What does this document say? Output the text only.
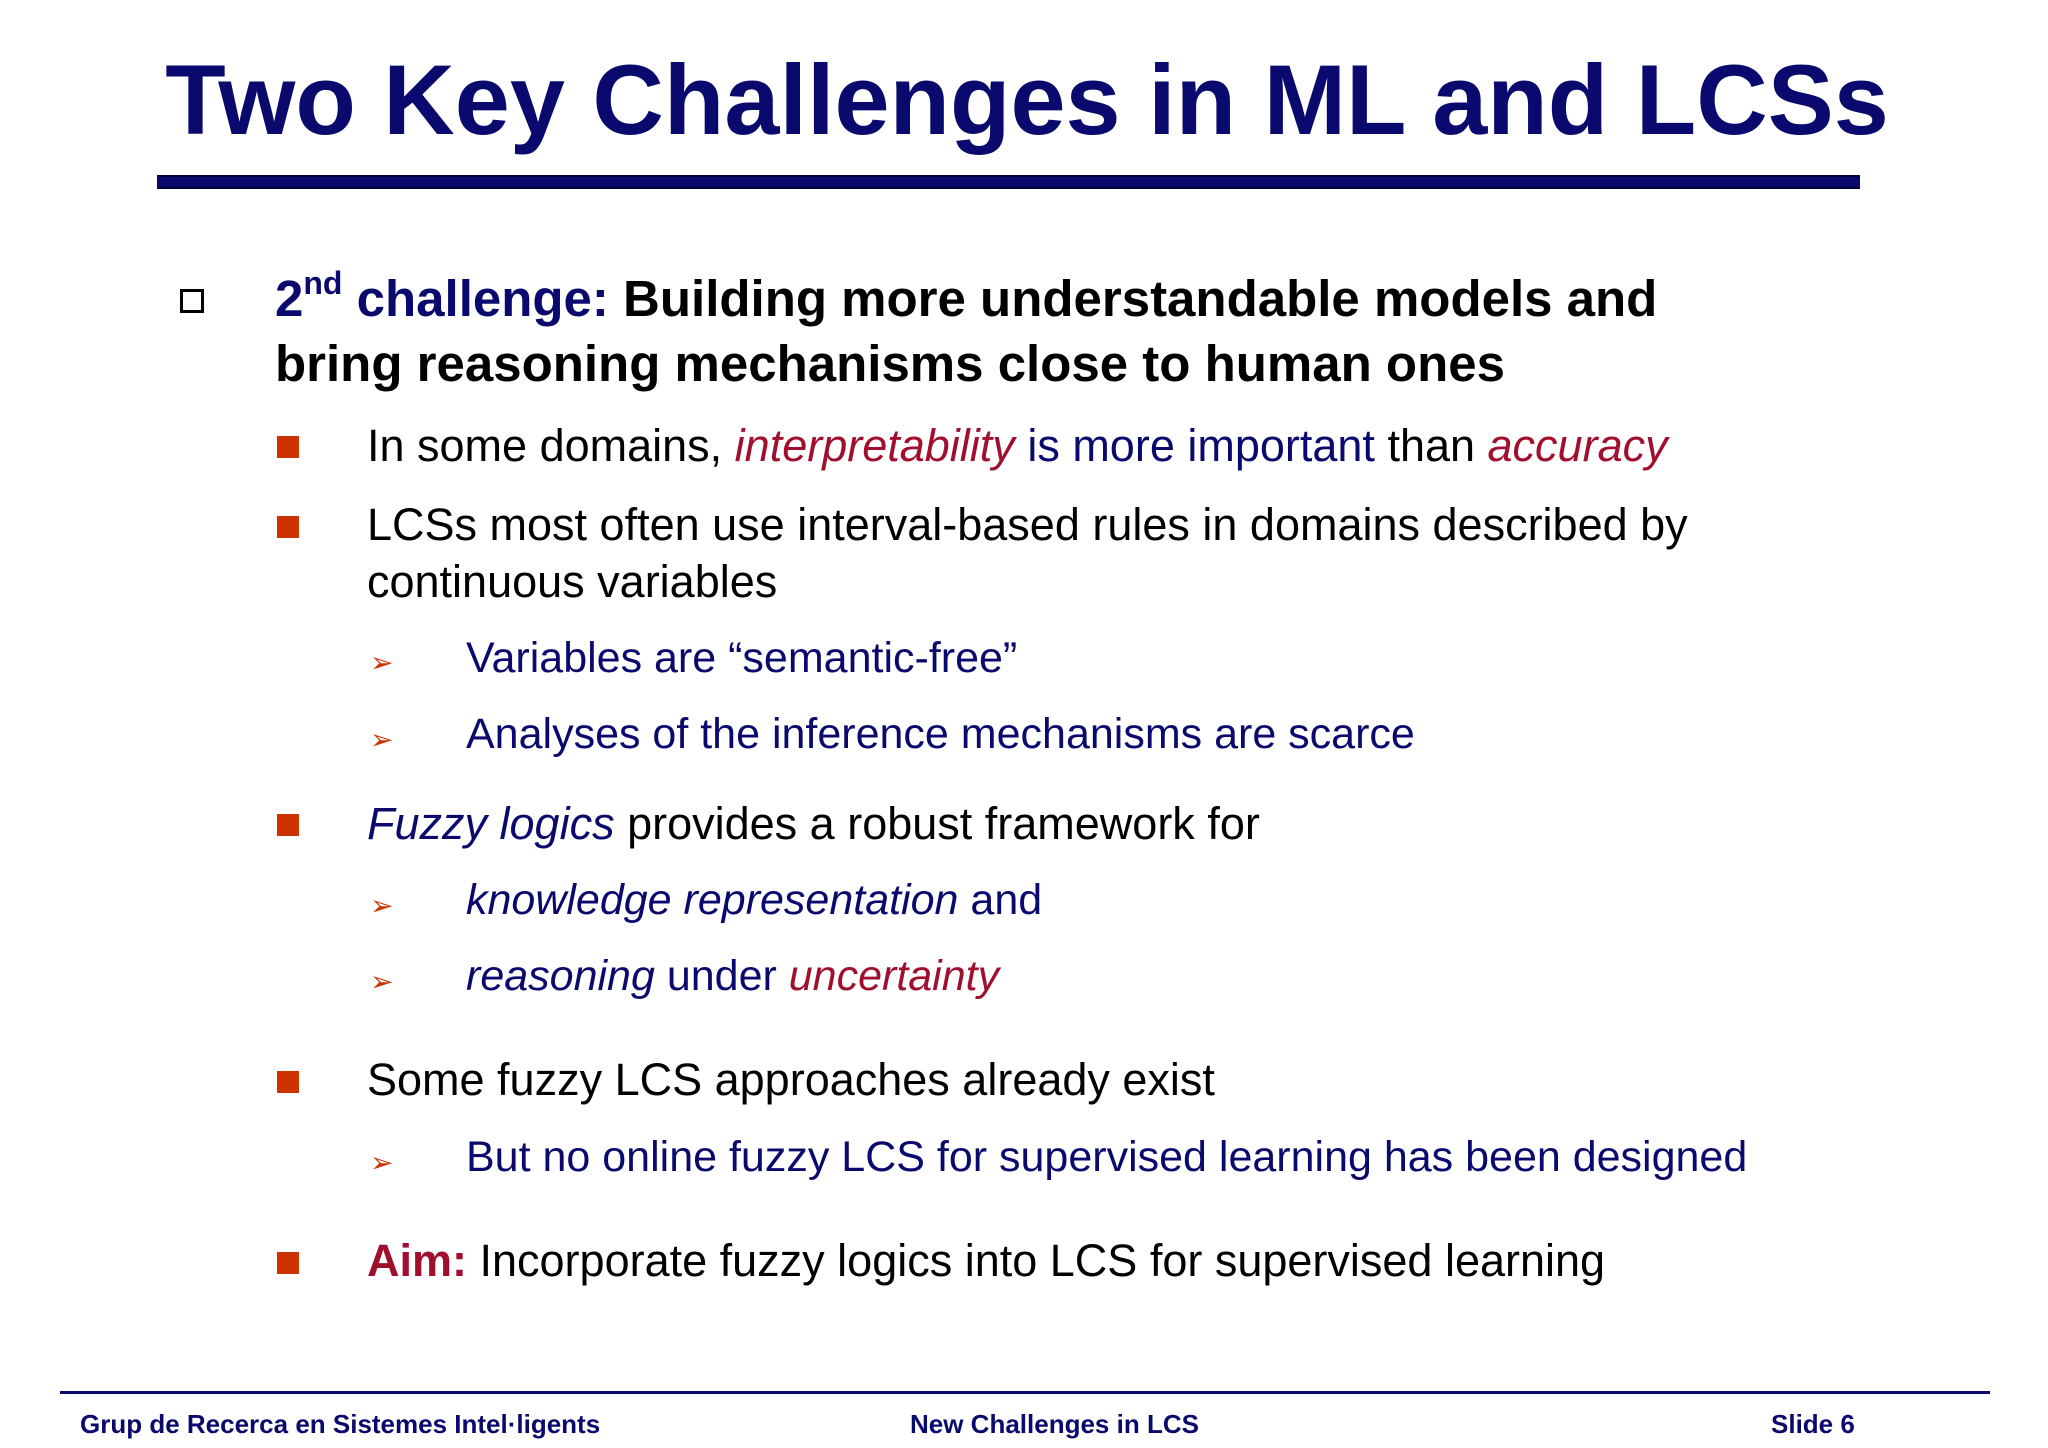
Two Key Challenges in ML and LCSs
2nd challenge: Building more understandable models and
bring reasoning mechanisms close to human ones
In some domains, interpretability is more important than accuracy
LCSs most often use interval-based rules in domains described by
continuous variables
➢ Variables are “semantic-free”
➢ Analyses of the inference mechanisms are scarce
Fuzzy logics provides a robust framework for
➢ knowledge representation and
➢ reasoning under uncertainty
Some fuzzy LCS approaches already exist
➢ But no online fuzzy LCS for supervised learning has been designed
Aim: Incorporate fuzzy logics into LCS for supervised learning
Grup de Recerca en Sistemes Intel·ligents	New Challenges in LCS	Slide 6
